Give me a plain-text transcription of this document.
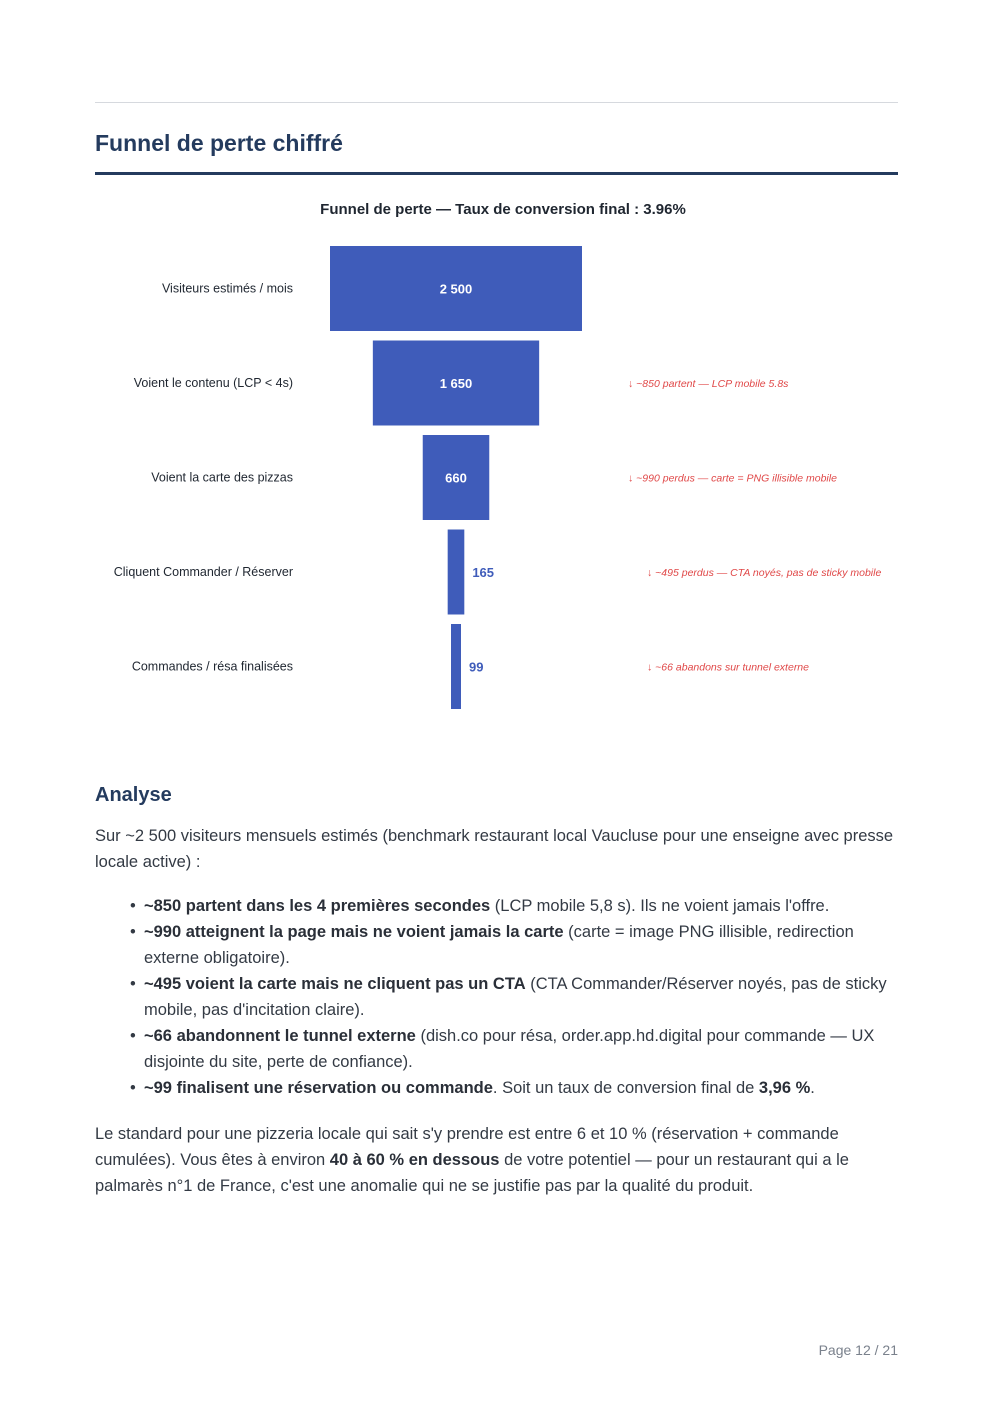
Funnel de perte chiffré
Funnel de perte — Taux de conversion final : 3.96%
Visiteurs estimés / mois	2 500
Voient le contenu (LCP < 4s)	1 650	↓ ~850 partent — LCP mobile 5.8s
Voient la carte des pizzas	660	↓ ~990 perdus — carte = PNG illisible mobile
Cliquent Commander / Réserver	165	↓ ~495 perdus — CTA noyés, pas de sticky mobile
Commandes / résa finalisées	99	↓ ~66 abandons sur tunnel externe
Analyse

Sur ~2 500 visiteurs mensuels estimés (benchmark restaurant local Vaucluse pour une enseigne avec presse locale active) :

• ~850 partent dans les 4 premières secondes (LCP mobile 5,8 s). Ils ne voient jamais l'offre.
• ~990 atteignent la page mais ne voient jamais la carte (carte = image PNG illisible, redirection externe obligatoire).
• ~495 voient la carte mais ne cliquent pas un CTA (CTA Commander/Réserver noyés, pas de sticky mobile, pas d'incitation claire).
• ~66 abandonnent le tunnel externe (dish.co pour résa, order.app.hd.digital pour commande — UX disjointe du site, perte de confiance).
• ~99 finalisent une réservation ou commande. Soit un taux de conversion final de 3,96 %.

Le standard pour une pizzeria locale qui sait s'y prendre est entre 6 et 10 % (réservation + commande cumulées). Vous êtes à environ 40 à 60 % en dessous de votre potentiel — pour un restaurant qui a le palmarès n°1 de France, c'est une anomalie qui ne se justifie pas par la qualité du produit.

Page 12 / 21
